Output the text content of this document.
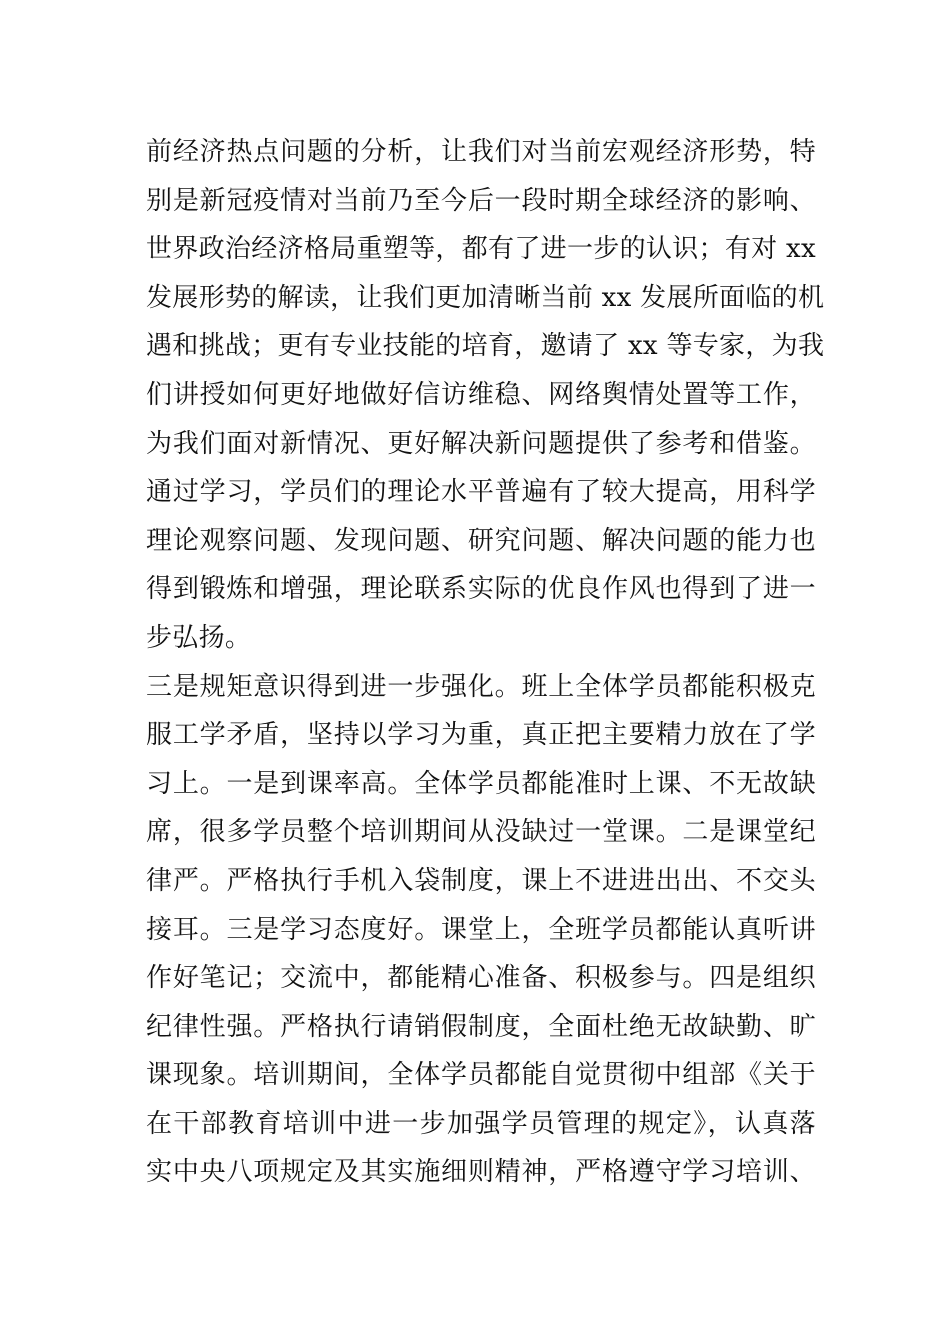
前经济热点问题的分析，让我们对当前宏观经济形势，特
别是新冠疫情对当前乃至今后一段时期全球经济的影响、
世界政治经济格局重塑等，都有了进一步的认识；有对 xx
发展形势的解读，让我们更加清晰当前 xx 发展所面临的机
遇和挑战；更有专业技能的培育，邀请了 xx 等专家，为我
们讲授如何更好地做好信访维稳、网络舆情处置等工作，
为我们面对新情况、更好解决新问题提供了参考和借鉴。
通过学习，学员们的理论水平普遍有了较大提高，用科学
理论观察问题、发现问题、研究问题、解决问题的能力也
得到锻炼和增强，理论联系实际的优良作风也得到了进一
步弘扬。
三是规矩意识得到进一步强化。班上全体学员都能积极克
服工学矛盾，坚持以学习为重，真正把主要精力放在了学
习上。一是到课率高。全体学员都能准时上课、不无故缺
席，很多学员整个培训期间从没缺过一堂课。二是课堂纪
律严。严格执行手机入袋制度，课上不进进出出、不交头
接耳。三是学习态度好。课堂上，全班学员都能认真听讲
作好笔记；交流中，都能精心准备、积极参与。四是组织
纪律性强。严格执行请销假制度，全面杜绝无故缺勤、旷
课现象。培训期间，全体学员都能自觉贯彻中组部《关于
在干部教育培训中进一步加强学员管理的规定》，认真落
实中央八项规定及其实施细则精神，严格遵守学习培训、
